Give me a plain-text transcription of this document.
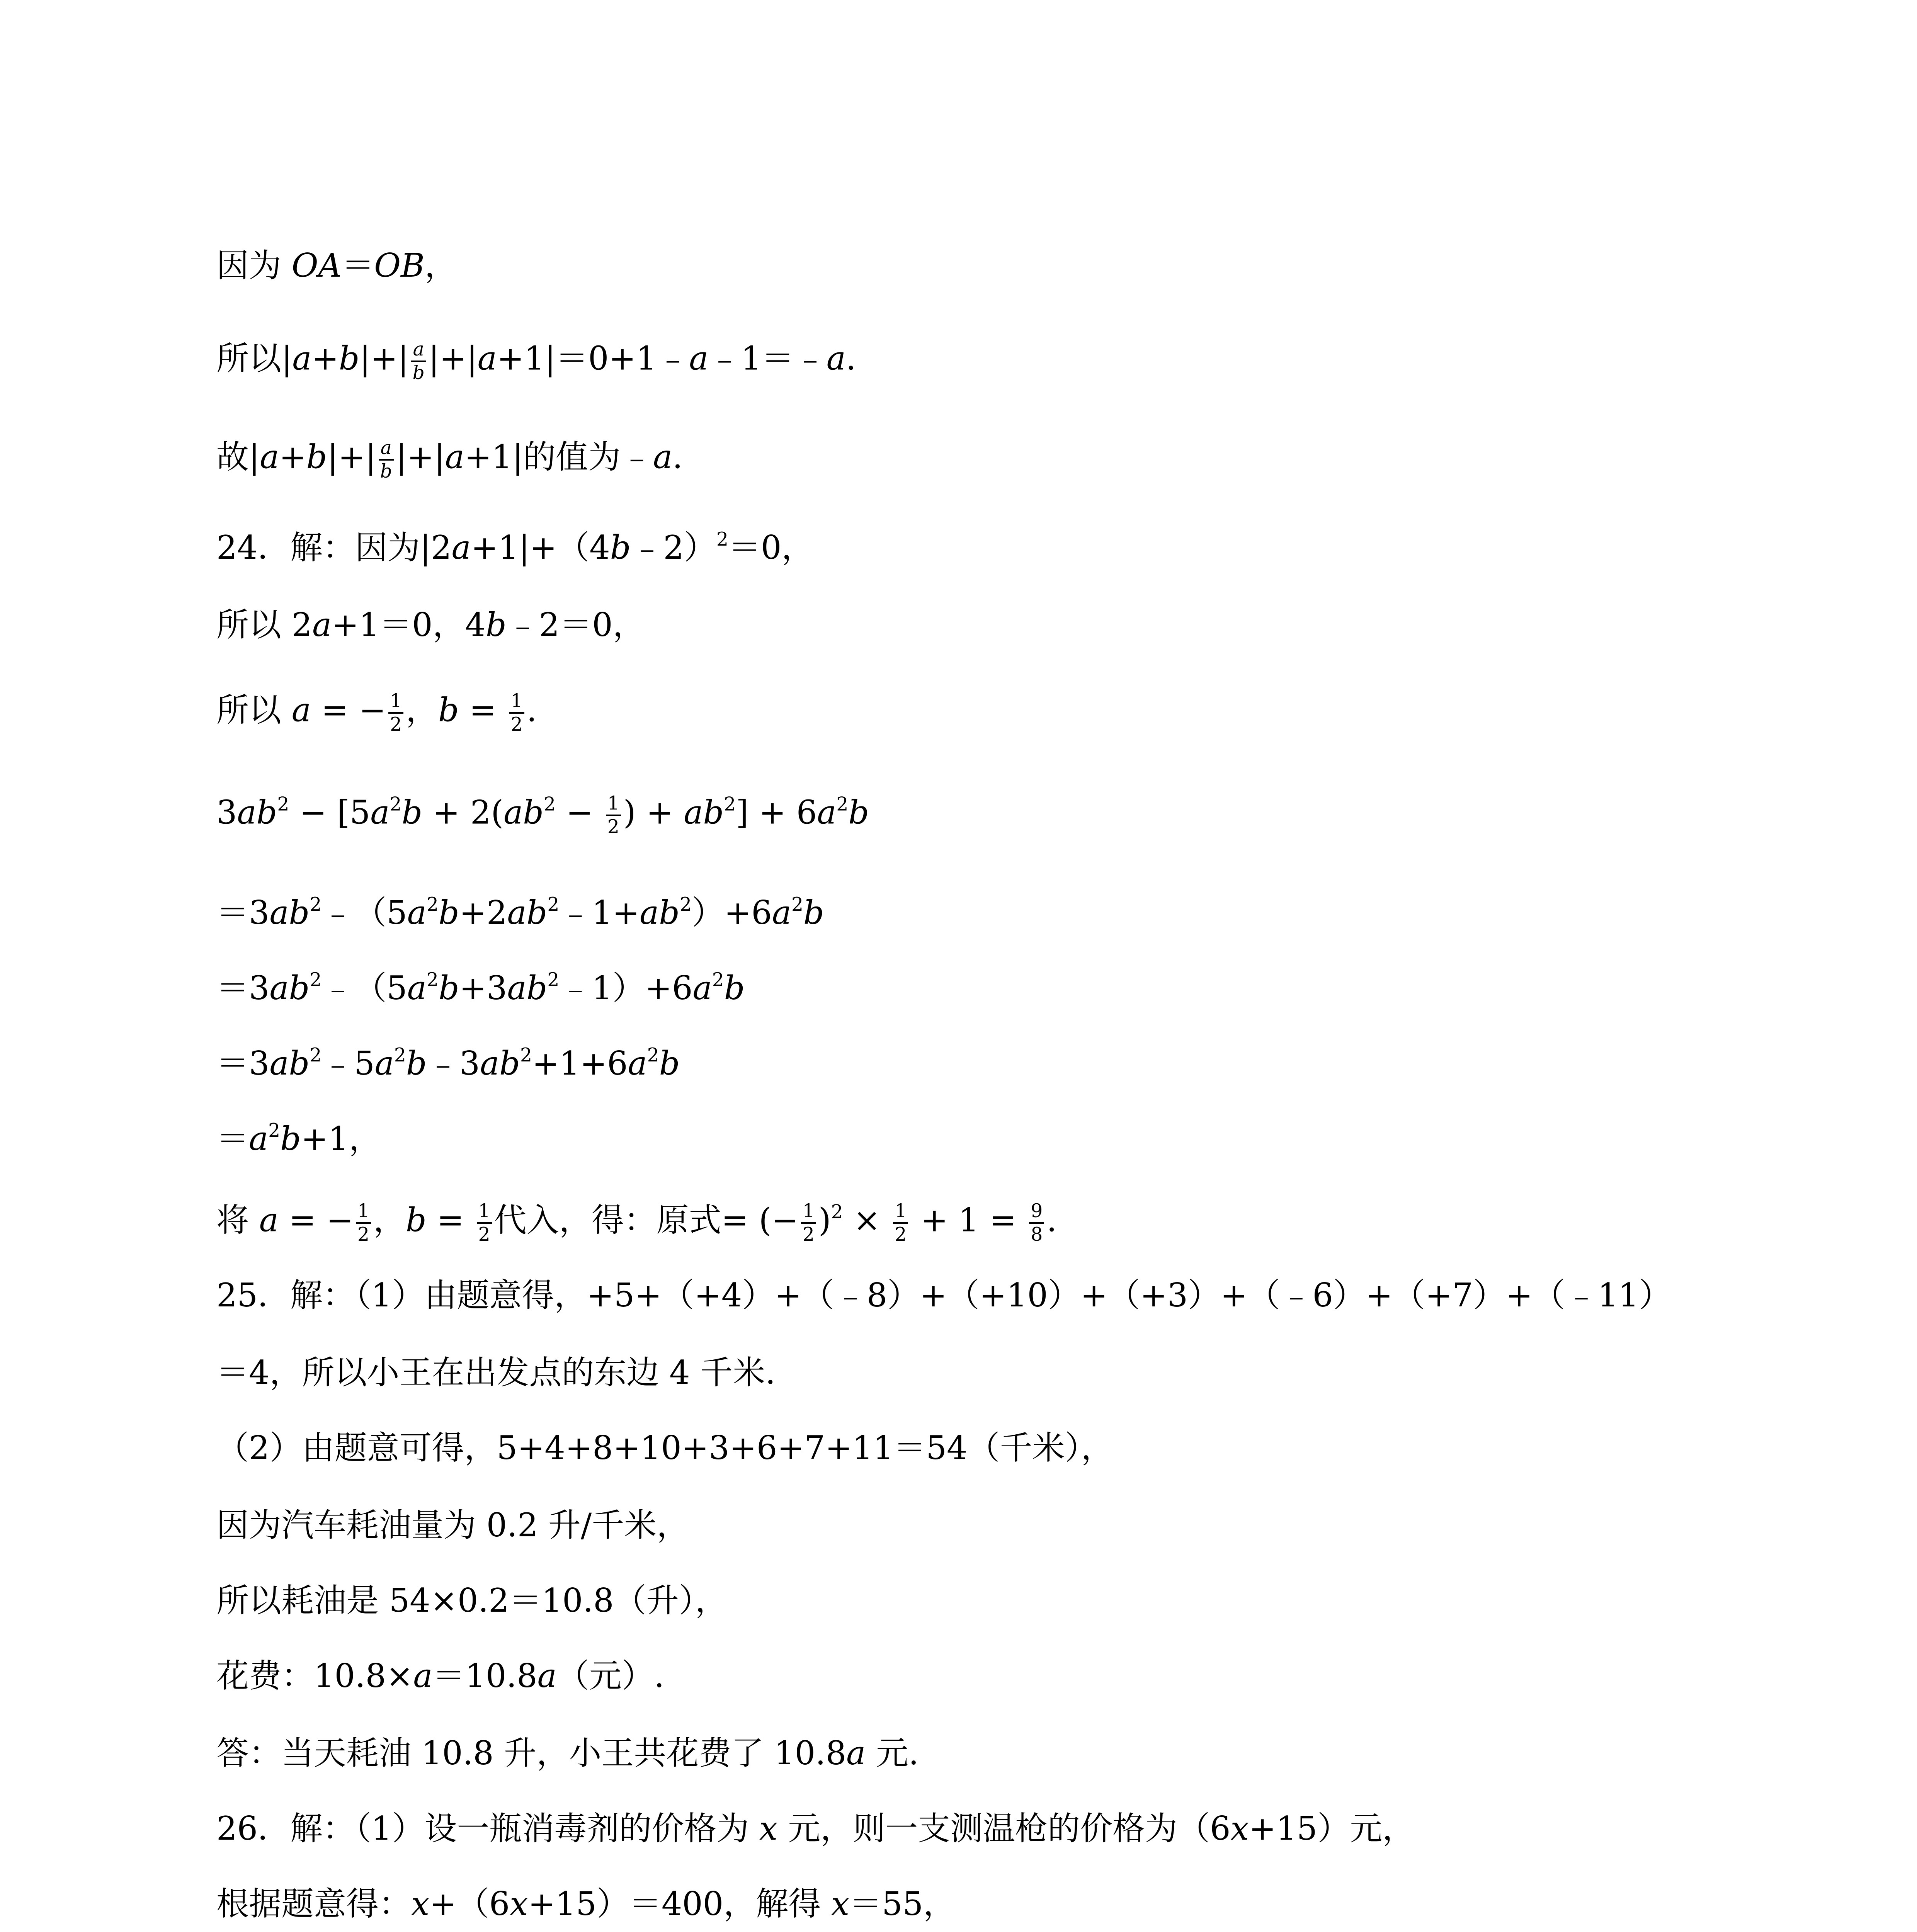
因为 OA＝OB，
所以$|a+b|+| \frac{a}{b}$ |+|a+1|＝0+1﹣a﹣1＝﹣a.
故$|a+b|+| \frac{a}{b} |+|a+1|$的值为﹣a.
24．解：因为|2a+1|+（4b﹣2）$^2$＝0，
所以 2a+1＝0，4b﹣2＝0，
所以 a = − $\frac{1}{2}$ ，$b = \frac{1}{2}$ .
$3ab^2 - [5a^2b + 2(ab^2 - \frac{1}{2}$ ) + $ab^2] + 6a^2b$
$=3ab^2﹣(5a^2b+2ab^2﹣1+ab^2)+6a^2b$
$=3ab^2﹣(5a^2b+3ab^2﹣1)+6a^2b$
$=3ab^2﹣5a^2b﹣3ab^2+1+6a^2b$
$=a^2b+1$，
将 a = − $\frac{1}{2}$ ，$b = \frac{1}{2}$ 代入，得：原式= (− $\frac{1}{2} )^2 \times \frac{1}{2} + 1 = \frac{9}{8}$ .
25．解：（1）由题意得，+5+（+4）+（﹣8）+（+10）+（+3）+（﹣6）+（+7）+（﹣11）
＝4，所以小王在出发点的东边 4 千米.
（2）由题意可得，5+4+8+10+3+6+7+11＝54（千米），
因为汽车耗油量为 0.2 升/千米，
所以耗油是 54×0.2＝10.8（升），
花费：10.8×a＝10.8a（元）.
答：当天耗油 10.8 升，小王共花费了 10.8a 元.
26．解：（1）设一瓶消毒剂的价格为 x 元，则一支测温枪的价格为（6x+15）元，
根据题意得：x+（6x+15）＝400，解得 x＝55，
